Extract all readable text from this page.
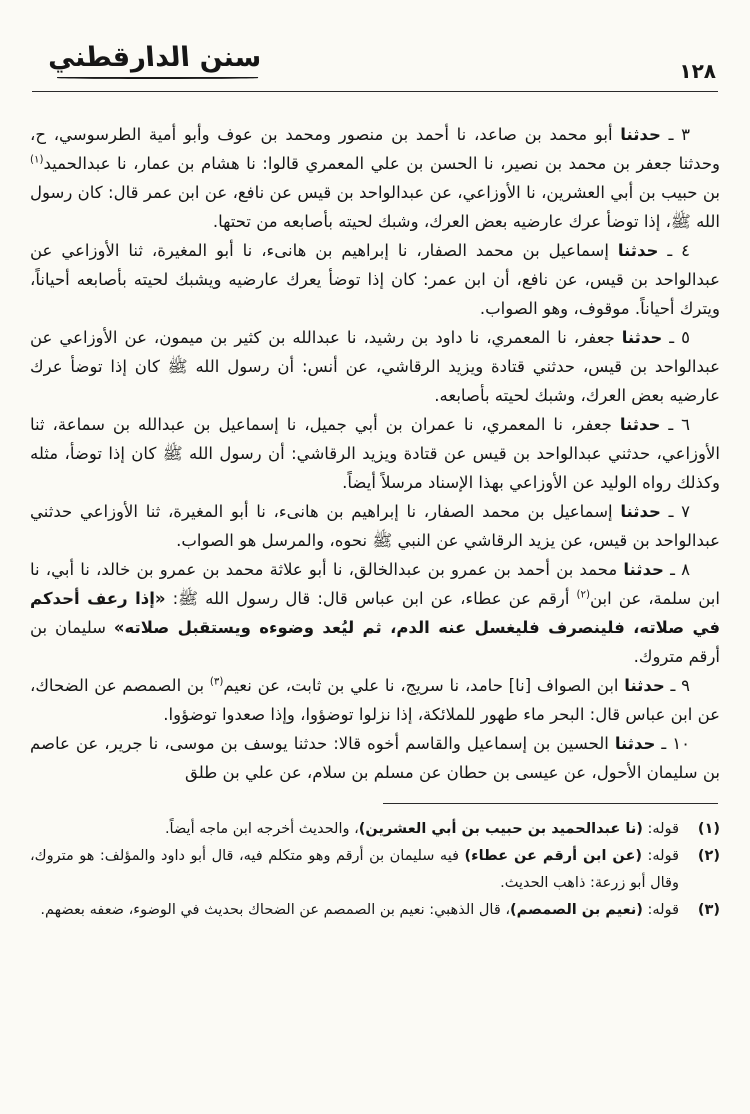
١٢٨
سنن الدارقطني

٣ ـ حدثنا أبو محمد بن صاعد، نا أحمد بن منصور ومحمد بن عوف وأبو أمية الطرسوسي، ح، وحدثنا جعفر بن محمد بن نصير، نا الحسن بن علي المعمري قالوا: نا هشام بن عمار، نا عبدالحميد$^{(١)}$ بن حبيب بن أبي العشرين، نا الأوزاعي، عن عبدالواحد بن قيس عن نافع، عن ابن عمر قال: كان رسول الله ﷺ، إذا توضأ عرك عارضيه بعض العرك، وشبك لحيته بأصابعه من تحتها.

٤ ـ حدثنا إسماعيل بن محمد الصفار، نا إبراهيم بن هانىء، نا أبو المغيرة، ثنا الأوزاعي عن عبدالواحد بن قيس، عن نافع، أن ابن عمر: كان إذا توضأ يعرك عارضيه ويشبك لحيته بأصابعه أحياناً، ويترك أحياناً. موقوف، وهو الصواب.

٥ ـ حدثنا جعفر، نا المعمري، نا داود بن رشيد، نا عبدالله بن كثير بن ميمون، عن الأوزاعي عن عبدالواحد بن قيس، حدثني قتادة ويزيد الرقاشي، عن أنس: أن رسول الله ﷺ كان إذا توضأ عرك عارضيه بعض العرك، وشبك لحيته بأصابعه.

٦ ـ حدثنا جعفر، نا المعمري، نا عمران بن أبي جميل، نا إسماعيل بن عبدالله بن سماعة، ثنا الأوزاعي، حدثني عبدالواحد بن قيس عن قتادة ويزيد الرقاشي: أن رسول الله ﷺ كان إذا توضأ، مثله وكذلك رواه الوليد عن الأوزاعي بهذا الإسناد مرسلاً أيضاً.

٧ ـ حدثنا إسماعيل بن محمد الصفار، نا إبراهيم بن هانىء، نا أبو المغيرة، ثنا الأوزاعي حدثني عبدالواحد بن قيس، عن يزيد الرقاشي عن النبي ﷺ نحوه، والمرسل هو الصواب.

٨ ـ حدثنا محمد بن أحمد بن عمرو بن عبدالخالق، نا أبو علاثة محمد بن عمرو بن خالد، نا أبي، نا ابن سلمة، عن ابن$^{(٢)}$ أرقم عن عطاء، عن ابن عباس قال: قال رسول الله ﷺ: «إذا رعف أحدكم في صلاته، فلينصرف فليغسل عنه الدم، ثم ليُعد وضوءه ويستقبل صلاته» سليمان بن أرقم متروك.

٩ ـ حدثنا ابن الصواف [نا] حامد، نا سريج، نا علي بن ثابت، عن نعيم$^{(٣)}$ بن الصمصم عن الضحاك، عن ابن عباس قال: البحر ماء طهور للملائكة، إذا نزلوا توضؤوا، وإذا صعدوا توضؤوا.

١٠ ـ حدثنا الحسين بن إسماعيل والقاسم أخوه قالا: حدثنا يوسف بن موسى، نا جرير، عن عاصم بن سليمان الأحول، عن عيسى بن حطان عن مسلم بن سلام، عن علي بن طلق

(١)
قوله: (نا عبدالحميد بن حبيب بن أبي العشرين)، والحديث أخرجه ابن ماجه أيضاً.
(٢)
قوله: (عن ابن أرقم عن عطاء) فيه سليمان بن أرقم وهو متكلم فيه، قال أبو داود والمؤلف: هو متروك، وقال أبو زرعة: ذاهب الحديث.
(٣)
قوله: (نعيم بن الصمصم)، قال الذهبي: نعيم بن الصمصم عن الضحاك بحديث في الوضوء، ضعفه بعضهم.
